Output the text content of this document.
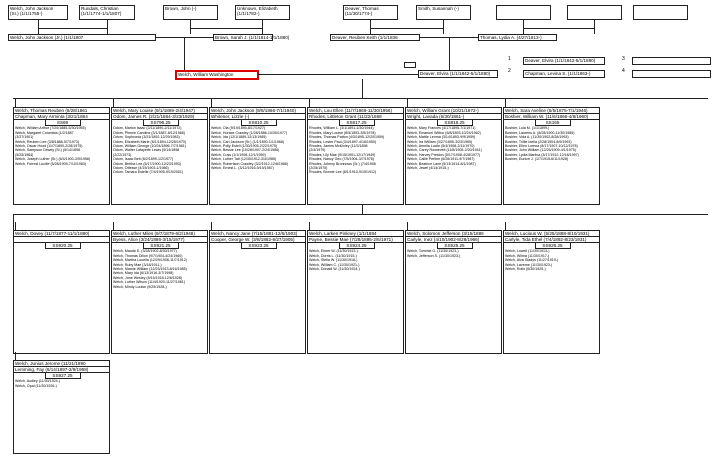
Welch, John Jackson
(Sr.) (1/1/1755-)
Rundals, Christian
(1/1/1774-1/1/1807)
Brown, John (-)	Unknown, Elizabeth
(1/1/1782-)
Deaver, Thomas
(11/30/1774-)
Smith, Susannah (-)
Welch, John Jackson (Jr.) (1/1/1807	Brown, Sarah J. (1/1/1814-1/1/1880)	Deaver, Reuben Keith (1/1/1836	Thomas, Lydia A. (4/27/1813-)
Welch, William Washington	Deaver, Elvira (1/1/1842-5/1/1880)
1	Deaver, Elvira (1/1/1842-5/1/1880)
2	Chapman, Levina S. (1/1/1863-)
3
4
Welch, Thomas Reuben (6/28/1861
Chapman, Mary Arminta (3/21/1864
SS69
Welch, William Arthur (7/20/1885-5/30/1955)
Welch, Margaret Columbia (1/2/1887
(3/27/1901)
Welch, Reuben Lee (3/8/1888-5/7/1973)
Welch, Oscar Hood (11/7/1890-2/28/1975)
Welch, Sampson Dewey (Sr.) (5/14/1898
(5/25/1984)
Welch, Joseph Luther (Sr.) (6/4/1900-3/9/1958)
Welch, Forrest Lucille (5/28/1905-7/10/1983)
Welch, Mary Louise (9/1/1869-2/4/1947)
Odom, James R. (2/21/1864-3/23/1929)
SS796.25
Odom, Marion Isaac (2/11/1890-2/11/1972)
Odom, Phenie Caroline (3/1/1887-8/12/1966)
Odom, Sophronia (3/31/1892-12/29/1983)
Odom, Elizabeth Marie (6/1/1894-12/26/1970)
Odom, William George (10/24/1896-7/7/1961)
Odom, Walter Lafayette Lewis (5/14/1898
(2/22/1973)
Odom, Isaac Belt (8/2/1899-1/2/1977)
Odom, Bertha Lee (5/17/1900-12/23/1993)
Odom, Ottesse (4/19/1903-1/1986)
Odom, Tamara Estelle (7/4/1905-9/19/2001)
Welch, John Jackson (9/8/1866-7/1/1940)
Whitener, Lizzie (-)
SS810.25
Welch, Ola (9/19/1890-8/17/1927)
Welch, Horace Crawley (1/28/1886-10/30/1977)
Welch, Ida (12/1/1889-12/13/1985)
Welch, Carl Jackson (Sr.) (1/1/1890-1/1/1968)
Welch, Polly Estell (1/30/1905-2/22/1975)
Welch, Bessie Lee (10/28/1907-2/24/1986)
Welch, Cuss (1/1/1908-12/1/1959)
Welch, Luther Talt (12/30/1912-3/4/1985)
Welch, Robertson Crawley (3/2/1912-12/8/1986)
Welch, Ernest L. (3/12/1916-9/19/1987)
Welch, Lou Ellen (11/7/1869-11/30/1956)
Rhodes, Littleton Grant (11/22/1868
SS817.25
Rhodes, William L. (3/1/1891-1/30/1944)
Rhodes, Mary Louise (8/5/1893-3/5/1978)
Rhodes, Thomas Patton (4/3/1895-12/20/1959)
Rhodes, Lester Paul (3/4/1897-4/16/1950)
Rhodes, James McKinley (11/2/1898
(2/4/1979)
Rhodes, Lily Mae (9/15/1901-12/17/1949)
Rhodes, Nancy Geo (7/5/1904-3/7/1978)
Rhodes, Johnny Bronnows (Sr.) (7/4/1906
(2/25/1975)
Rhodes, Bonnie Lee (8/1/1910-9/15/1912)
Welch, William Grant (10/21/1872-)
Wright, Lavada (6/30/1861-)
SS818.25
Welch, Mary Frances (4/17/1895-7/1/1971)
Welch, Emanuel Wilbur (6/8/1893-10/24/1962)
Welch, Mattie Leoma (3/14/1893-9/9/1959)
Welch, Ira William (3/27/1895-3/23/1965)
Welch, Amella Lucile (5/4/1908-2/11/1970)
Welch, Carey Roosevelt (11/8/1905-2/20/1941)
Welch, Harvey Preston (5/17/1908-4/28/1977)
Welch, Callie Perline (6/26/1911-9/7/1987)
Welch, Beatrice Lane (5/13/1914-8/1/1987)
Welch, Jewel (4/14/1915-)
Welch, Sara Aveline (5/5/1875-7/1/1946)
Boshier, William W. (11/6/1866-4/8/1960)
SS165
Boshier, Lula M. (1/1/1899-)
Boshier, Laurens A. (8/28/1900-11/30/1985)
Boshier, Vida A. (11/30/1902-8/28/1993)
Boshier, Trillie Idella (2/28/1904-8/9/1993)
Boshier, Ellen Lorena (8/17/1907-10/12/1978)
Boshier, John William (12/25/1909-4/1/1975)
Boshier, Lydia Marlina (3/17/1912-12/18/1997)
Boshier, Eunice J. (1/7/1915-6/11/1928)
Welch, Dovey (11/7/1877-11/1/1880)
SS920.25
Welch, Luther Miles (9/7/1879-6/2/1948)
Byess, Alice (3/24/1886-3/15/1977)
SS921.25
Welch, Maude E. (3/28/1902-8/30/1977)
Welch, Thomas Dillon (9/7/1904-4/24/1960)
Welch, Martha Louella (12/29/1906-11/7/1912)
Welch, Ruby Mae (3/18/1911-)
Welch, Mamie William (12/23/1913-8/16/1985)
Welch, Mary Ida (6/13/1916-3/7/1998)
Welch, June Wesley (8/15/1918-12/6/1928)
Welch, Luther Wilson (11/4/1920-11/27/1981)
Welch, Mindy Louise (9/29/1928-)
Welch, Nancy Jane (7/15/1881-12/6/1903)
Cooper, George W. (3/8/1882-8/27/1905)
SS923.25
Welch, Larken Pinkney (1/1/1884
Payne, Bessie Mae (7/28/1895-2/6/1971)
SS924.25
Welch, Elmer W. (11/30/1913-)
Welch, Dorris L. (11/30/1915-)
Welch, Stella W. (11/30/1918-)
Welch, William C. (11/30/1921-)
Welch, Donald W. (11/30/1924-)
Welch, Solomon Jefferson (3/15/1886
Carlyle, Inez (4/10/1902-8/28/1966)
SS925.25
Welch, Tommie G. (11/30/1923-)
Welch, Jefferson S. (11/30/1923-)
Welch, Lucious W. (5/25/1888-8/10/1931)
Carlyle, Tida Ethel (7/4/1892-8/23/1931)
SS926.25
Welch, Lowell (11/30/1913-)
Welch, Wilma (11/30/1917-)
Welch, Alva Gladys (11/27/1919-)
Welch, Laverne (11/30/1923-)
Welch, Rollo (6/30/1925-)
Welch, Junius Jerome (11/21/1890
Lemming, Fay (6/14/1897-2/9/1958)
SS927.25
Welch, Audley (11/30/1924-)
Welch, Opal (11/30/1926-)
